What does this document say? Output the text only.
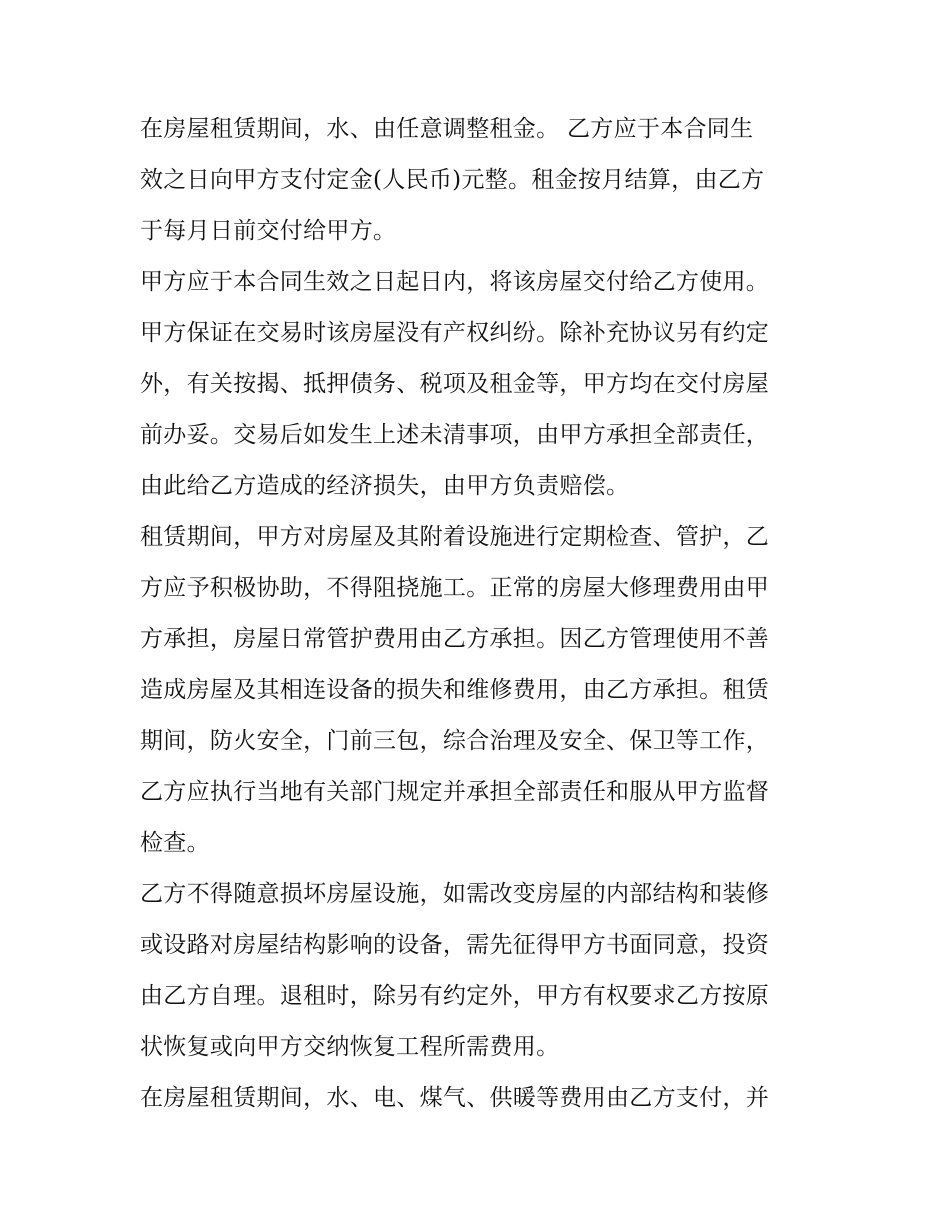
在房屋租赁期间，水、由任意调整租金。 乙方应于本合同生
效之日向甲方支付定金(人民币)元整。租金按月结算，由乙方
于每月日前交付给甲方。
甲方应于本合同生效之日起日内，将该房屋交付给乙方使用。
甲方保证在交易时该房屋没有产权纠纷。除补充协议另有约定
外，有关按揭、抵押债务、税项及租金等，甲方均在交付房屋
前办妥。交易后如发生上述未清事项，由甲方承担全部责任，
由此给乙方造成的经济损失，由甲方负责赔偿。
租赁期间，甲方对房屋及其附着设施进行定期检查、管护，乙
方应予积极协助，不得阻挠施工。正常的房屋大修理费用由甲
方承担，房屋日常管护费用由乙方承担。因乙方管理使用不善
造成房屋及其相连设备的损失和维修费用，由乙方承担。租赁
期间，防火安全，门前三包，综合治理及安全、保卫等工作，
乙方应执行当地有关部门规定并承担全部责任和服从甲方监督
检查。
乙方不得随意损坏房屋设施，如需改变房屋的内部结构和装修
或设路对房屋结构影响的设备，需先征得甲方书面同意，投资
由乙方自理。退租时，除另有约定外，甲方有权要求乙方按原
状恢复或向甲方交纳恢复工程所需费用。
在房屋租赁期间，水、电、煤气、供暖等费用由乙方支付，并
